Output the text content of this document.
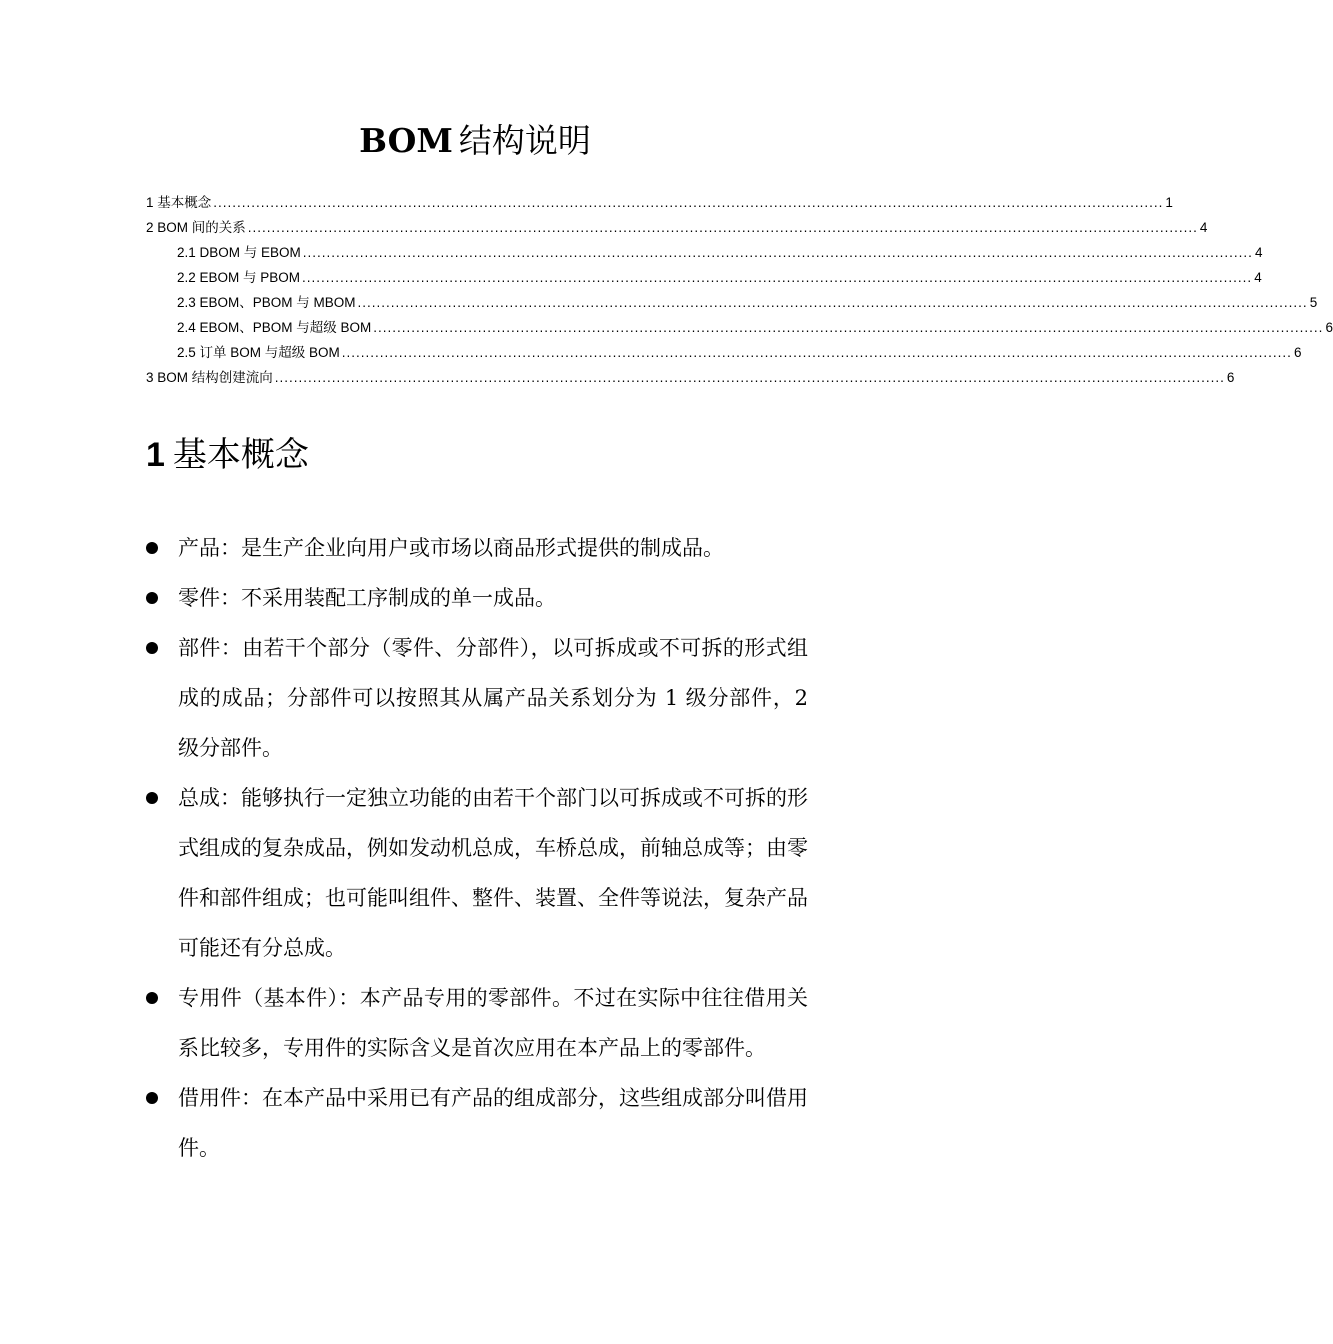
BOM 结构说明
1 基本概念 ........................................................................................................................................................................................................ 1
2 BOM 间的关系 ........................................................................................................................................................................................................ 4
2.1 DBOM 与 EBOM ........................................................................................................................................................................................................ 4
2.2 EBOM 与 PBOM ........................................................................................................................................................................................................ 4
2.3 EBOM、PBOM 与 MBOM ........................................................................................................................................................................................................ 5
2.4 EBOM、PBOM 与超级 BOM ........................................................................................................................................................................................................ 6
2.5 订单 BOM 与超级 BOM ........................................................................................................................................................................................................ 6
3 BOM 结构创建流向 ........................................................................................................................................................................................................ 6
1 基本概念

产品：是生产企业向用户或市场以商品形式提供的制成品。

零件：不采用装配工序制成的单一成品。

部件：由若干个部分（零件、分部件），以可拆成或不可拆的形式组成的成品；分部件可以按照其从属产品关系划分为 1 级分部件，2 级分部件。

总成：能够执行一定独立功能的由若干个部门以可拆成或不可拆的形式组成的复杂成品，例如发动机总成，车桥总成，前轴总成等；由零件和部件组成；也可能叫组件、整件、装置、全件等说法，复杂产品可能还有分总成。

专用件（基本件）：本产品专用的零部件。不过在实际中往往借用关系比较多，专用件的实际含义是首次应用在本产品上的零部件。

借用件：在本产品中采用已有产品的组成部分，这些组成部分叫借用件。
